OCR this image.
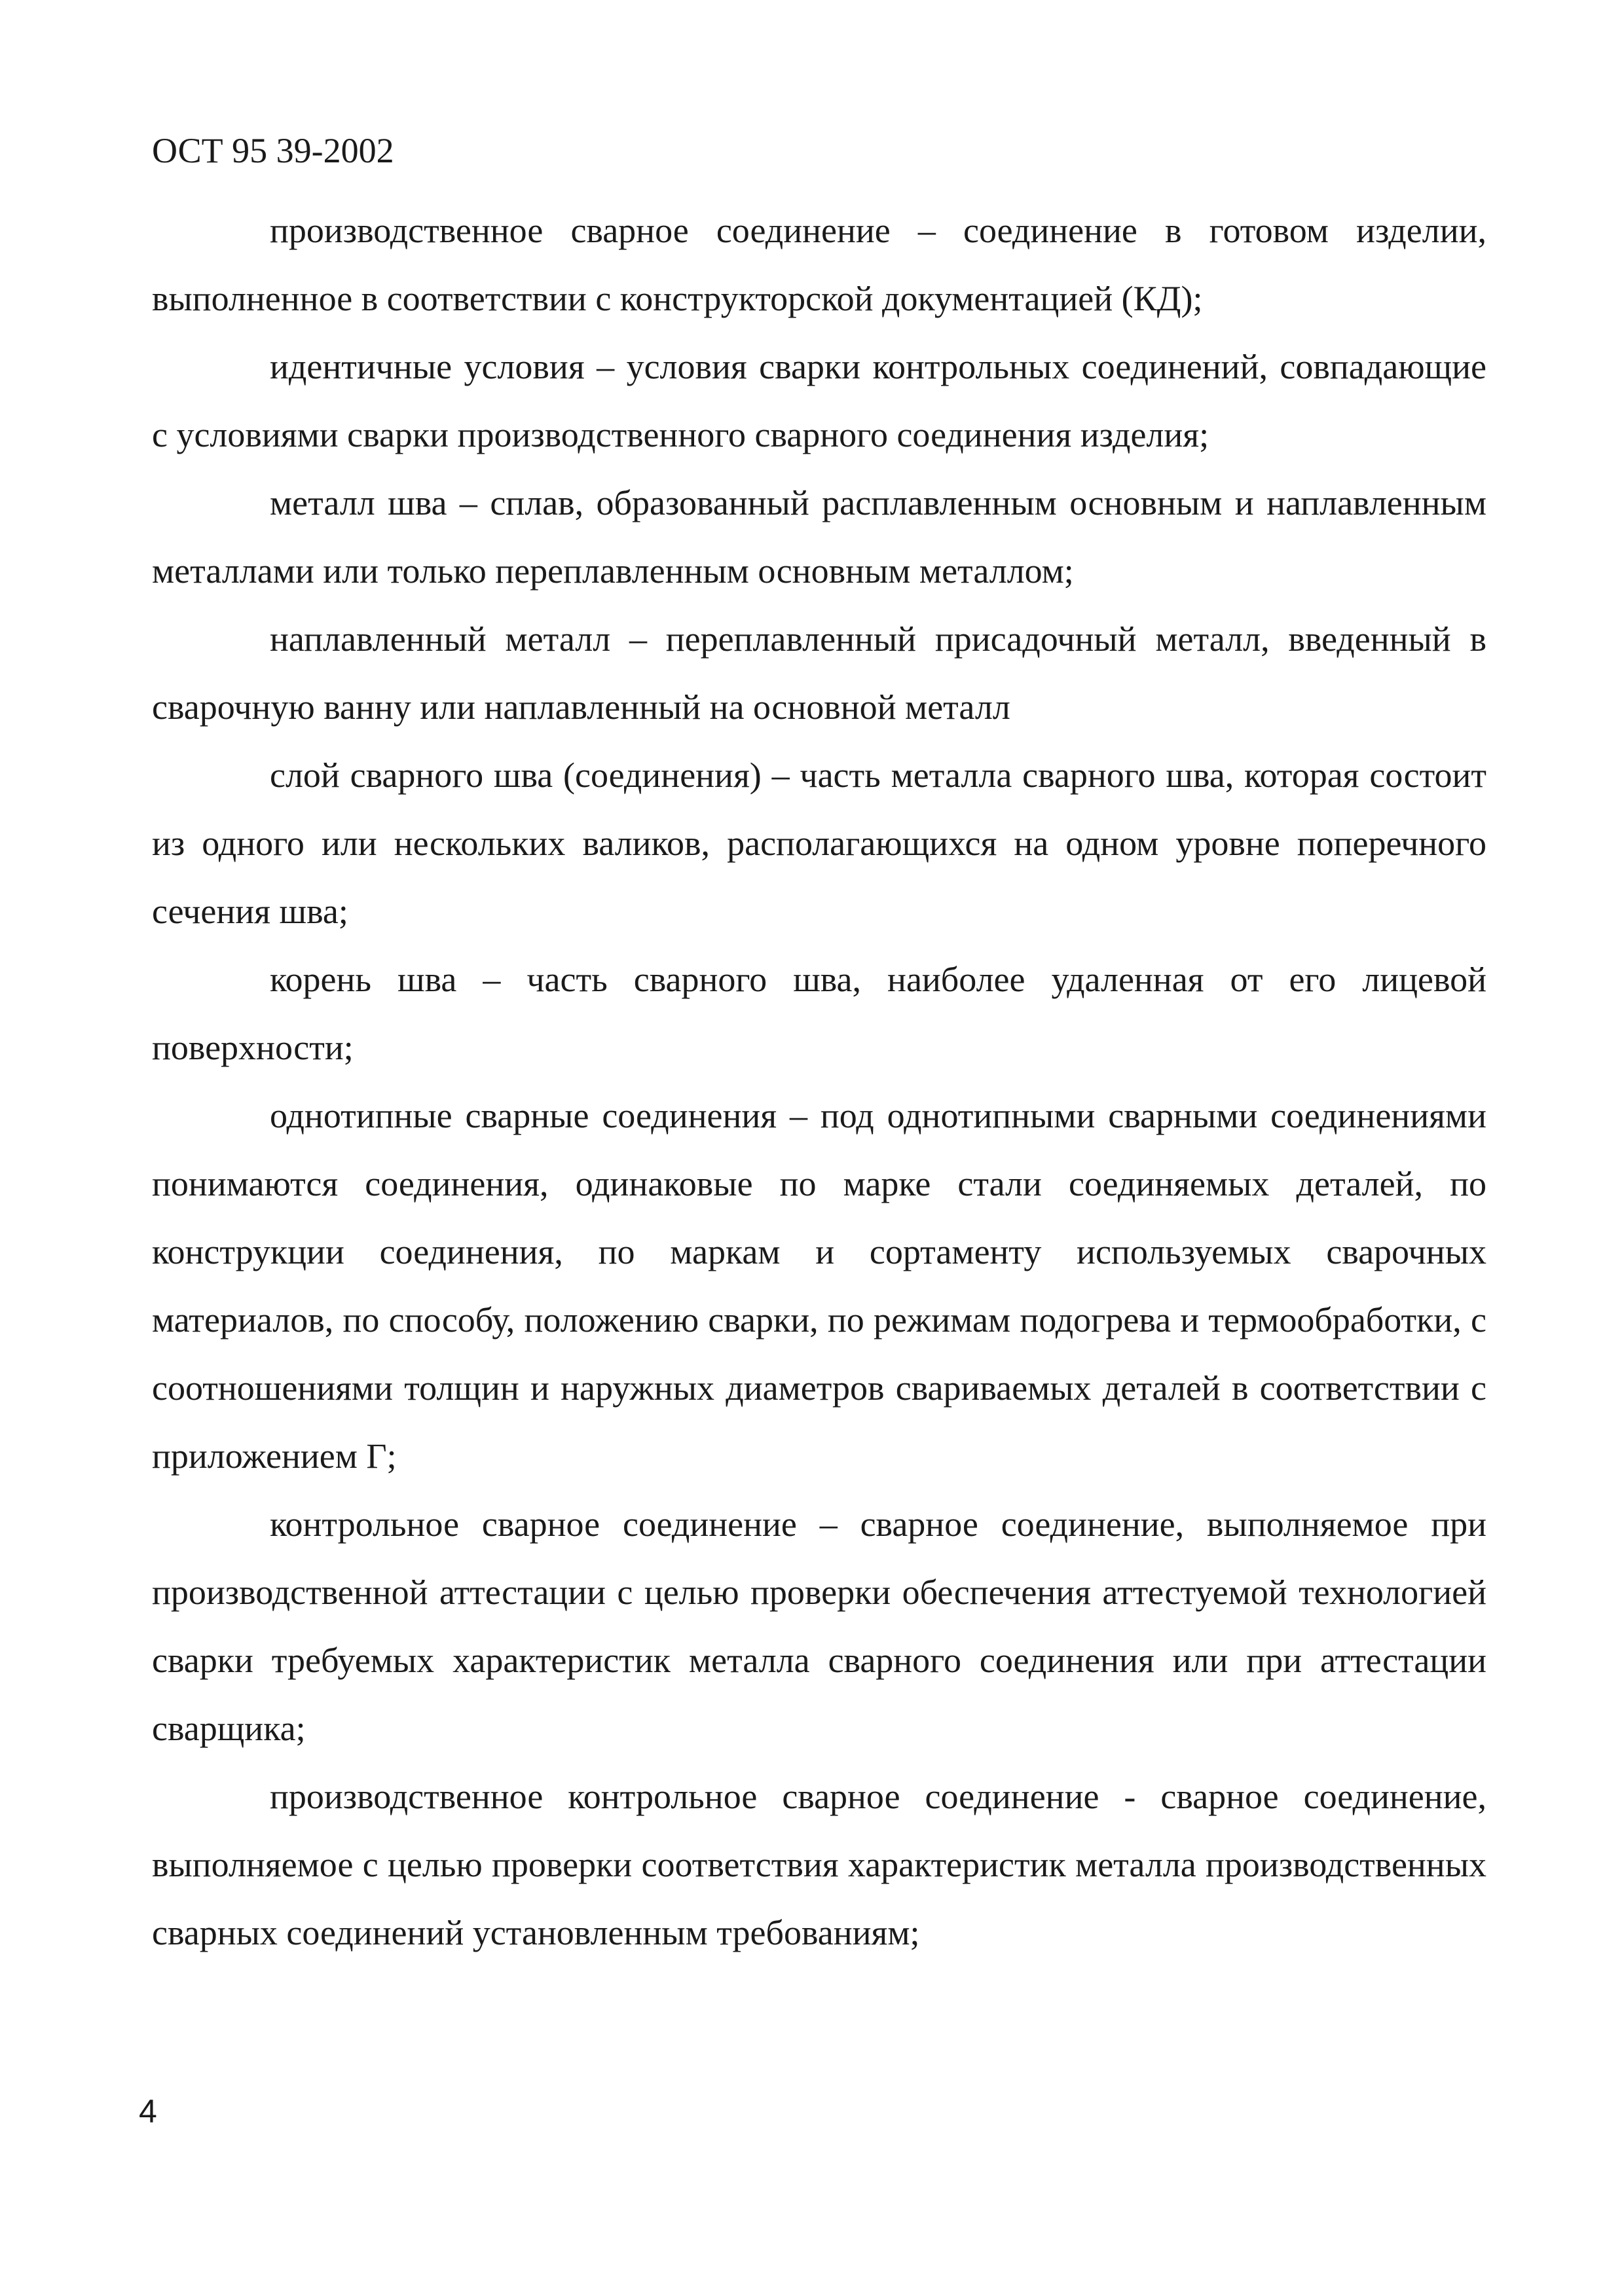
ОСТ 95 39-2002

производственное сварное соединение – соединение в готовом изделии, выполненное в соответствии с конструкторской документацией (КД);

идентичные условия – условия сварки контрольных соединений, совпадающие с условиями сварки производственного сварного соединения изделия;

металл шва – сплав, образованный расплавленным основным и наплавленным металлами или только переплавленным основным металлом;

наплавленный металл – переплавленный присадочный металл, введенный в сварочную ванну или наплавленный на основной металл

слой сварного шва (соединения) – часть металла сварного шва, которая состоит из одного или нескольких валиков, располагающихся на одном уровне поперечного сечения шва;

корень шва – часть сварного шва, наиболее удаленная от его лицевой поверхности;

однотипные сварные соединения – под однотипными сварными соединениями понимаются соединения, одинаковые по марке стали соединяемых деталей, по конструкции соединения, по маркам и сортаменту используемых сварочных материалов, по способу, положению сварки, по режимам подогрева и термообработки, с соотношениями толщин и наружных диаметров свариваемых деталей в соответствии с приложением Г;

контрольное сварное соединение – сварное соединение, выполняемое при производственной аттестации с целью проверки обеспечения аттестуемой технологией сварки требуемых характеристик металла сварного соединения или при аттестации сварщика;

производственное контрольное сварное соединение - сварное соединение, выполняемое с целью проверки соответствия характеристик металла производственных сварных соединений установленным требованиям;

4
